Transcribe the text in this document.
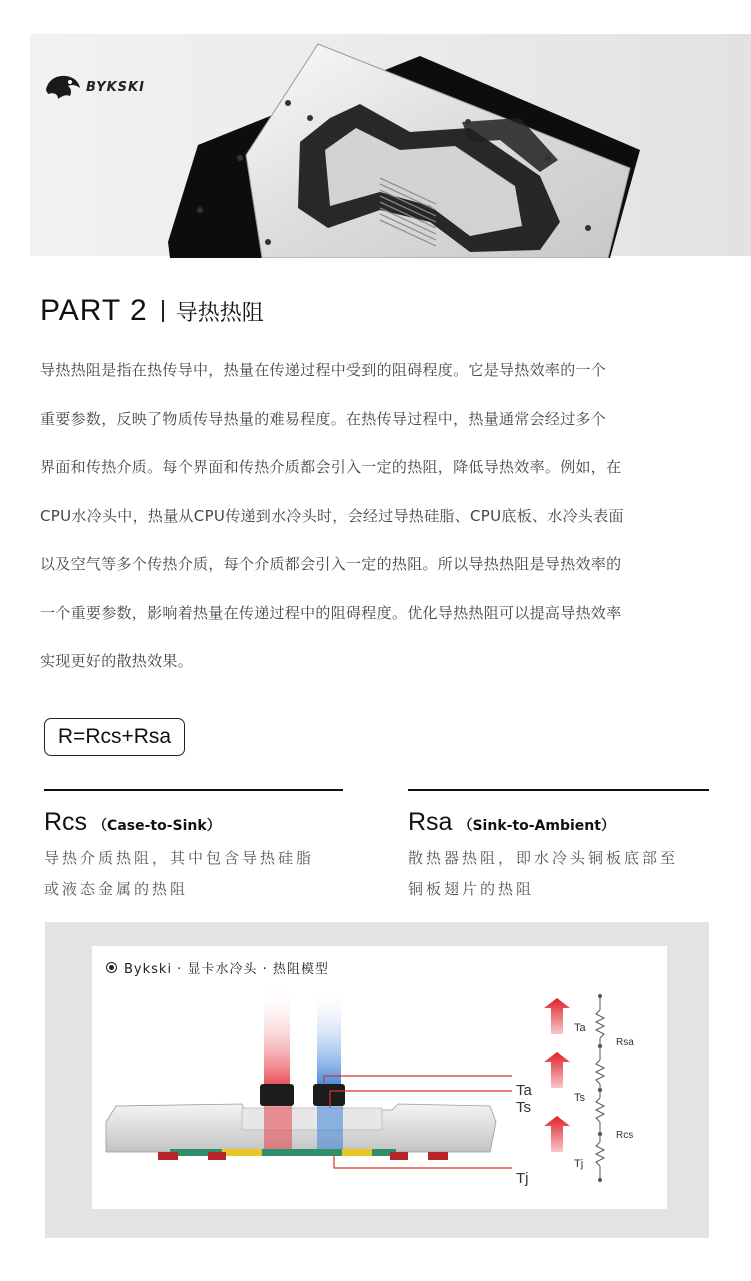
BYKSKI
PART 2 导热热阻

导热热阻是指在热传导中，热量在传递过程中受到的阻碍程度。它是导热效率的一个

重要参数，反映了物质传导热量的难易程度。在热传导过程中，热量通常会经过多个

界面和传热介质。每个界面和传热介质都会引入一定的热阻，降低导热效率。例如，在

CPU水冷头中，热量从CPU传递到水冷头时，会经过导热硅脂、CPU底板、水冷头表面

以及空气等多个传热介质，每个介质都会引入一定的热阻。所以导热热阻是导热效率的

一个重要参数，影响着热量在传递过程中的阻碍程度。优化导热热阻可以提高导热效率

实现更好的散热效果。

R=Rcs+Rsa
Rcs （Case-to-Sink）
导热介质热阻，其中包含导热硅脂
或液态金属的热阻
Rsa （Sink-to-Ambient）
散热器热阻，即水冷头铜板底部至
铜板翅片的热阻
Bykski · 显卡水冷头 · 热阻模型
Ta
Ts
Tj
Ta
Ts
Tj
Rsa
Rcs
